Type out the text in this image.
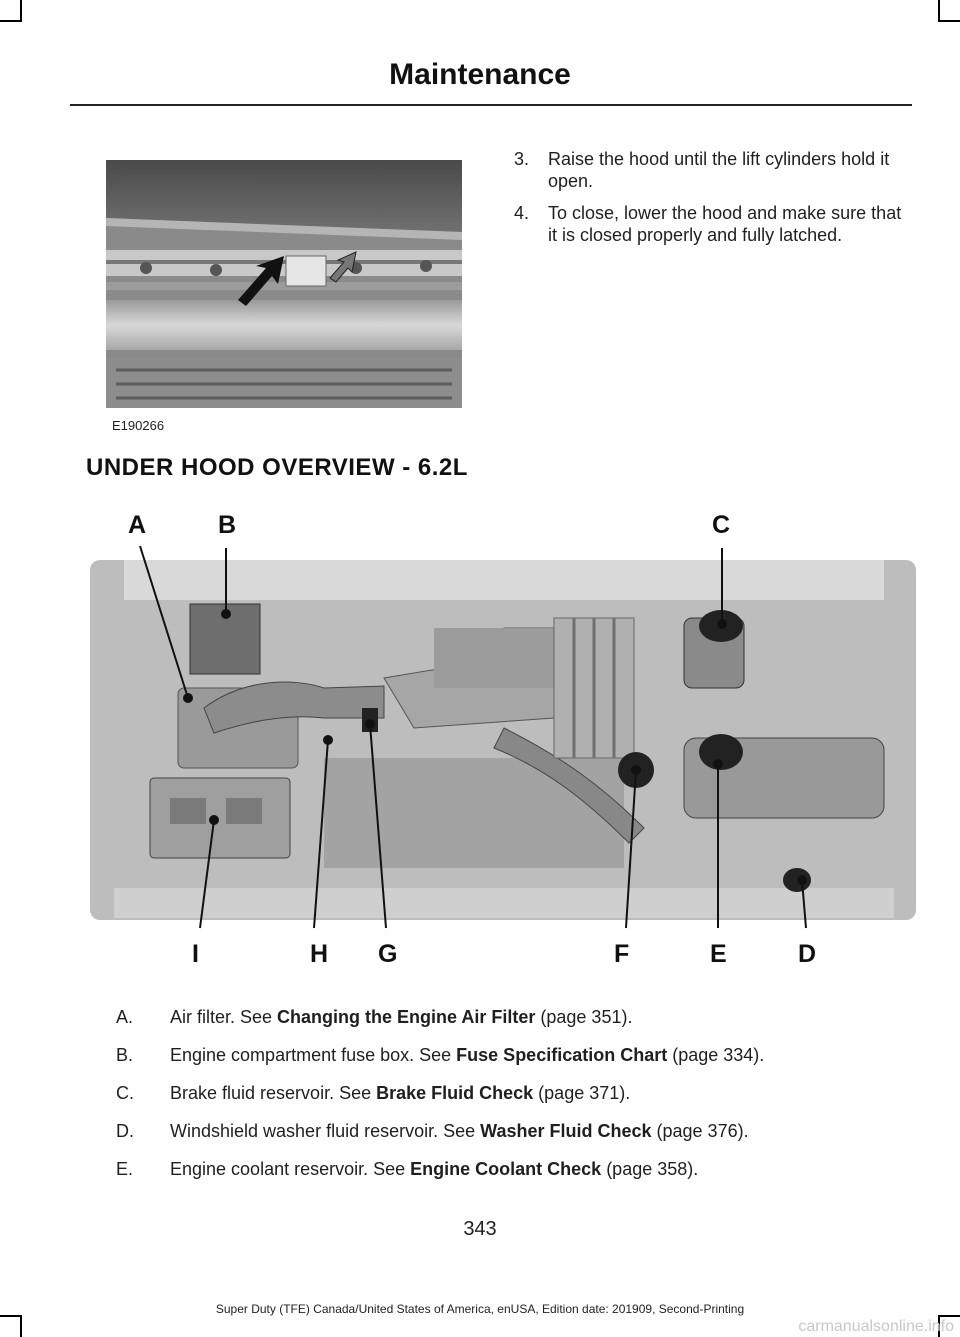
Maintenance
E190266
3. Raise the hood until the lift cylinders hold it open.
4. To close, lower the hood and make sure that it is closed properly and fully latched.
UNDER HOOD OVERVIEW - 6.2L
A	B	C
D
E
F
G
H
I
A. Air filter. See Changing the Engine Air Filter (page 351).
B. Engine compartment fuse box. See Fuse Specification Chart (page 334).
C. Brake fluid reservoir. See Brake Fluid Check (page 371).
D. Windshield washer fluid reservoir. See Washer Fluid Check (page 376).
E. Engine coolant reservoir. See Engine Coolant Check (page 358).
343
Super Duty (TFE) Canada/United States of America, enUSA, Edition date: 201909, Second-Printing
carmanualsonline.info
